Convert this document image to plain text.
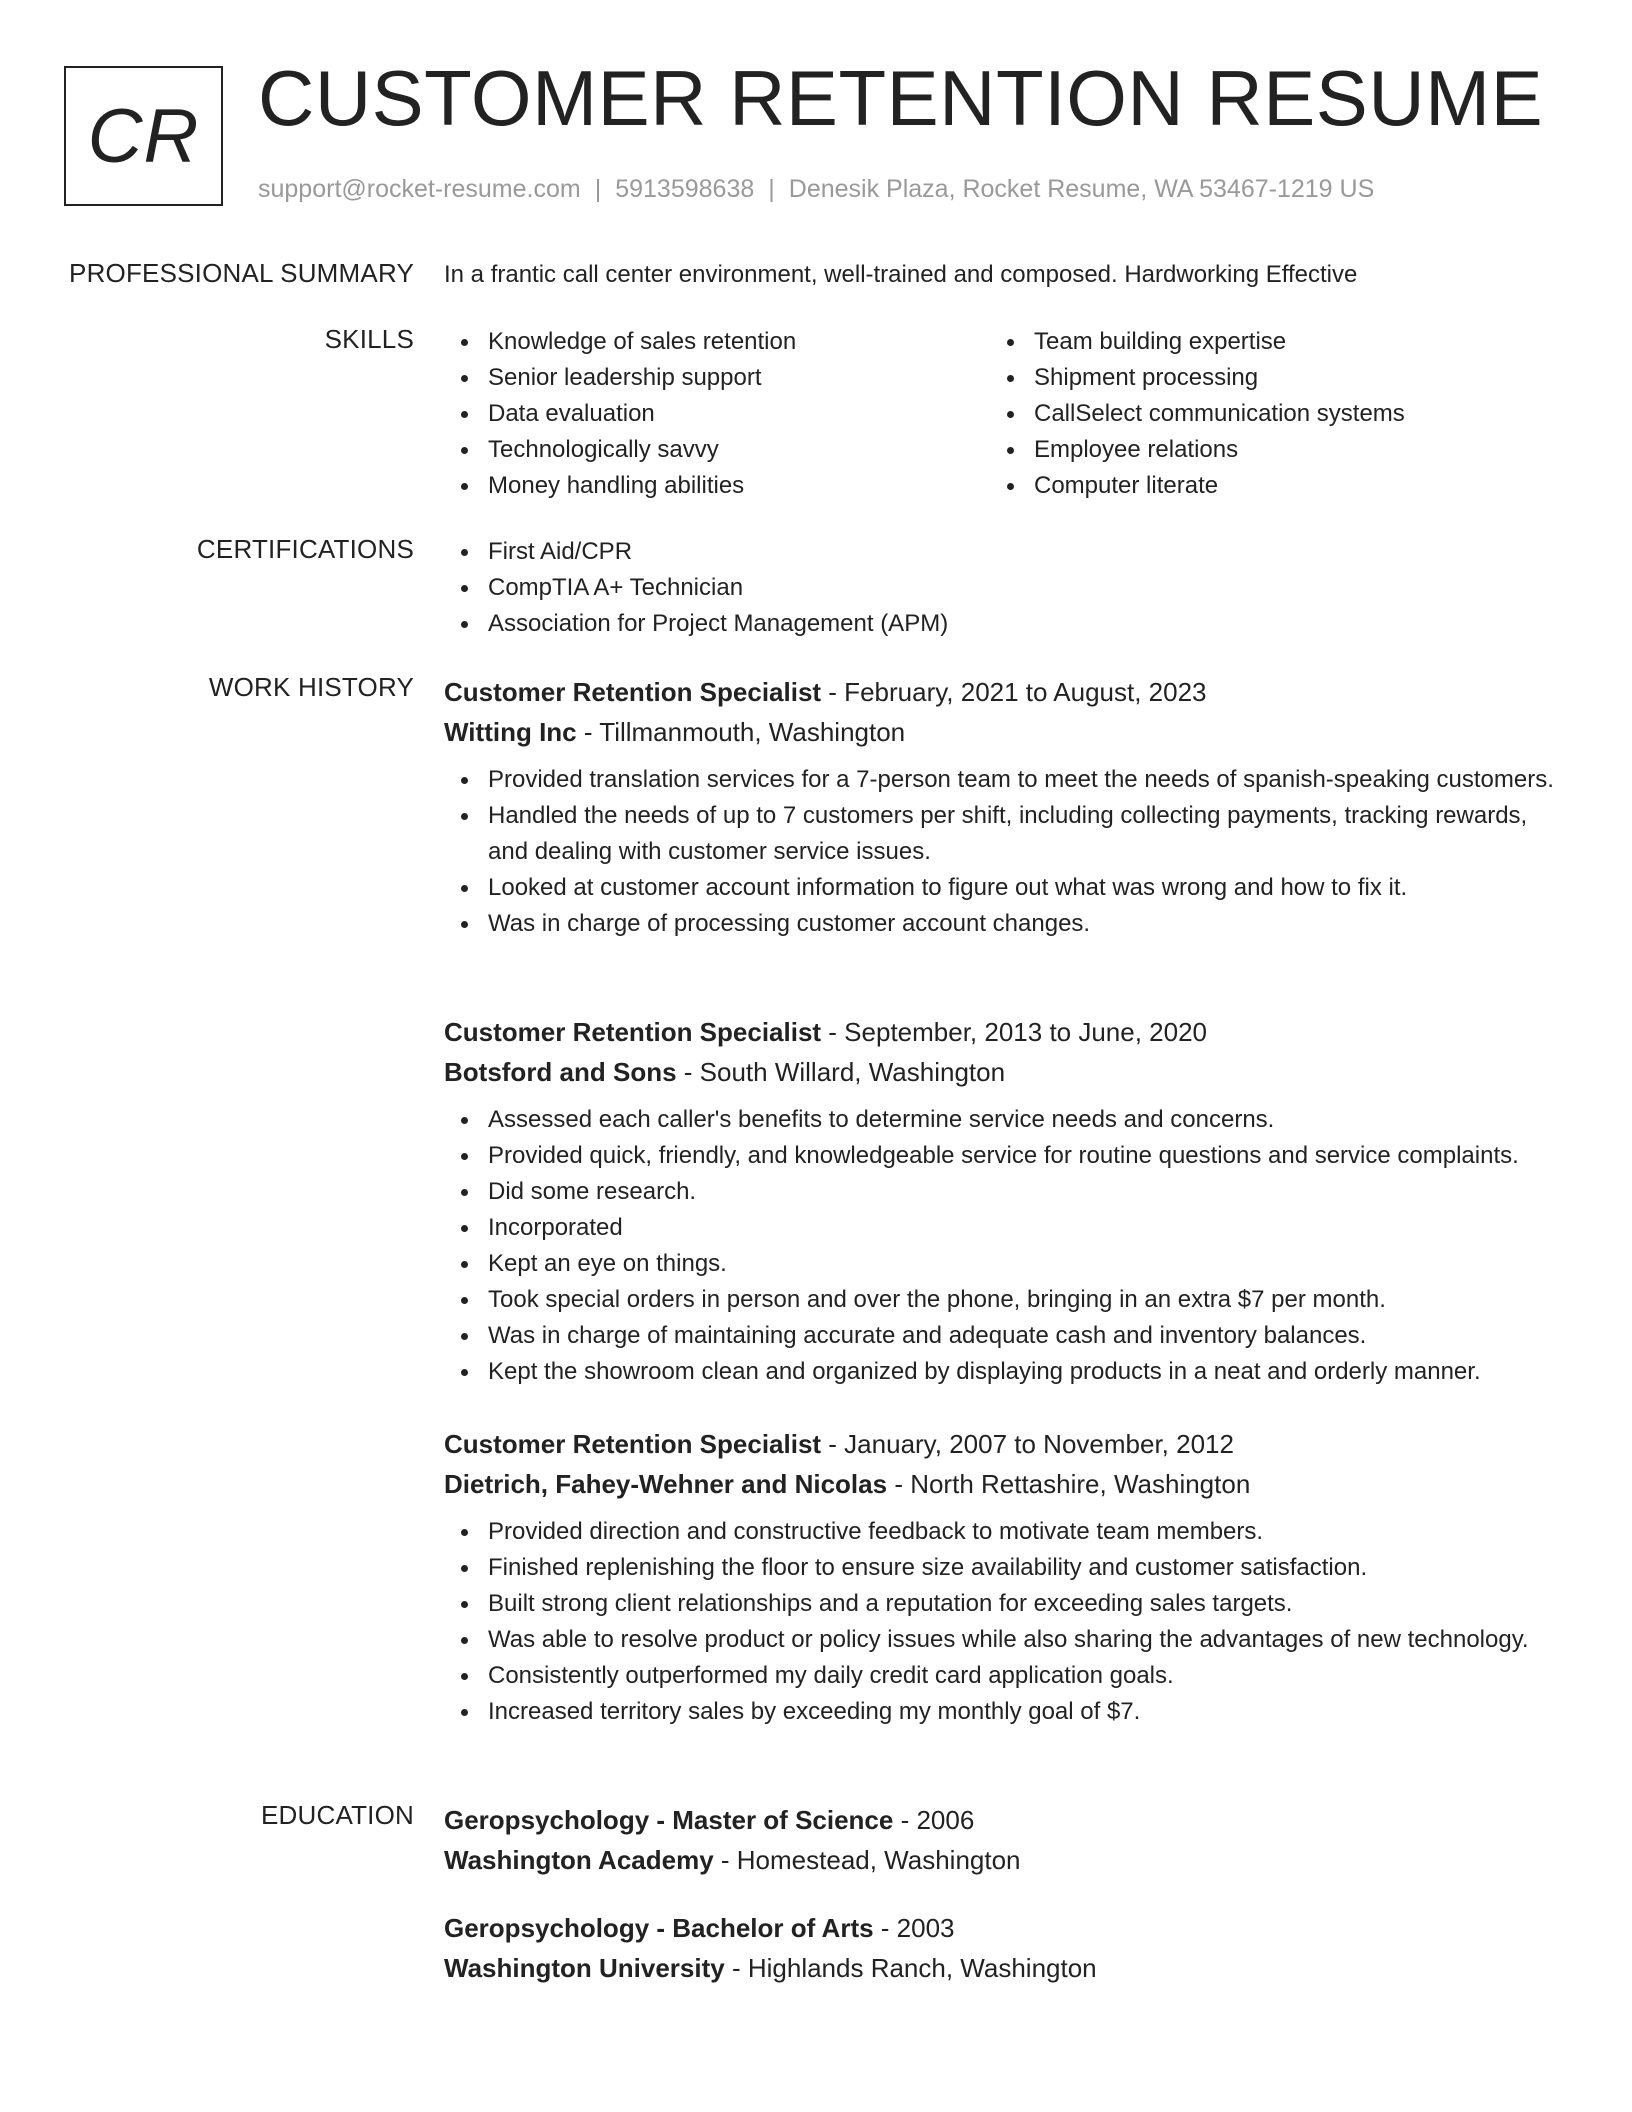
CR CUSTOMER RETENTION RESUME
support@rocket-resume.com | 5913598638 | Denesik Plaza, Rocket Resume, WA 53467-1219 US
PROFESSIONAL SUMMARY In a frantic call center environment, well-trained and composed. Hardworking Effective

SKILLS	Knowledge of sales retention
Senior leadership support
Data evaluation
Technologically savvy
Money handling abilities
Team building expertise
Shipment processing
CallSelect communication systems
Employee relations
Computer literate
CERTIFICATIONS	First Aid/CPR
CompTIA A+ Technician
Association for Project Management (APM)
WORK HISTORY Customer Retention Specialist - February, 2021 to August, 2023
Witting Inc - Tillmanmouth, Washington
Provided translation services for a 7-person team to meet the needs of spanish-speaking customers.
Handled the needs of up to 7 customers per shift, including collecting payments, tracking rewards, and dealing with customer service issues.
Looked at customer account information to figure out what was wrong and how to fix it.
Was in charge of processing customer account changes.
Customer Retention Specialist - September, 2013 to June, 2020
Botsford and Sons - South Willard, Washington
Assessed each caller's benefits to determine service needs and concerns.
Provided quick, friendly, and knowledgeable service for routine questions and service complaints.
Did some research.
Incorporated
Kept an eye on things.
Took special orders in person and over the phone, bringing in an extra $7 per month.
Was in charge of maintaining accurate and adequate cash and inventory balances.
Kept the showroom clean and organized by displaying products in a neat and orderly manner.
Customer Retention Specialist - January, 2007 to November, 2012
Dietrich, Fahey-Wehner and Nicolas - North Rettashire, Washington
Provided direction and constructive feedback to motivate team members.
Finished replenishing the floor to ensure size availability and customer satisfaction.
Built strong client relationships and a reputation for exceeding sales targets.
Was able to resolve product or policy issues while also sharing the advantages of new technology.
Consistently outperformed my daily credit card application goals.
Increased territory sales by exceeding my monthly goal of $7.
EDUCATION Geropsychology - Master of Science - 2006
Washington Academy - Homestead, Washington
Geropsychology - Bachelor of Arts - 2003
Washington University - Highlands Ranch, Washington
